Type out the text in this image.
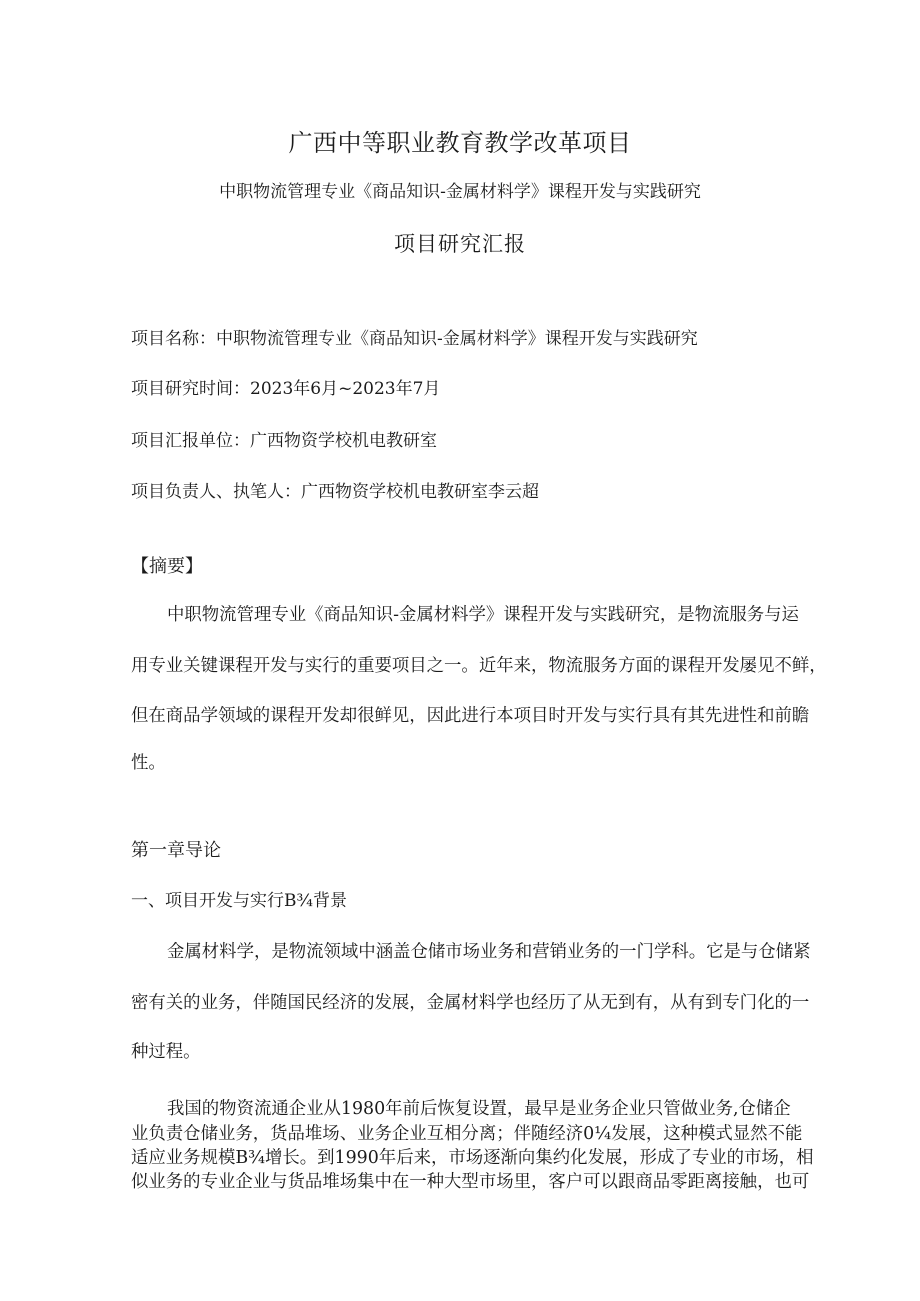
广西中等职业教育教学改革项目

中职物流管理专业《商品知识-金属材料学》课程开发与实践研究

项目研究汇报

项目名称：中职物流管理专业《商品知识-金属材料学》课程开发与实践研究

项目研究时间：2023年6月~2023年7月

项目汇报单位：广西物资学校机电教研室

项目负责人、执笔人：广西物资学校机电教研室李云超

【摘要】

中职物流管理专业《商品知识-金属材料学》课程开发与实践研究，是物流服务与运

用专业关键课程开发与实行的重要项目之一。近年来，物流服务方面的课程开发屡见不鲜，

但在商品学领域的课程开发却很鲜见，因此进行本项目时开发与实行具有其先进性和前瞻

性。

第一章导论

一、项目开发与实行B¾背景

金属材料学，是物流领域中涵盖仓储市场业务和营销业务的一门学科。它是与仓储紧

密有关的业务，伴随国民经济的发展，金属材料学也经历了从无到有，从有到专门化的一

种过程。

我国的物资流通企业从1980年前后恢复设置，最早是业务企业只管做业务,仓储企

业负责仓储业务，货品堆场、业务企业互相分离；伴随经济0¼发展，这种模式显然不能

适应业务规模B¾增长。到1990年后来，市场逐渐向集约化发展，形成了专业的市场，相

似业务的专业企业与货品堆场集中在一种大型市场里，客户可以跟商品零距离接触，也可
